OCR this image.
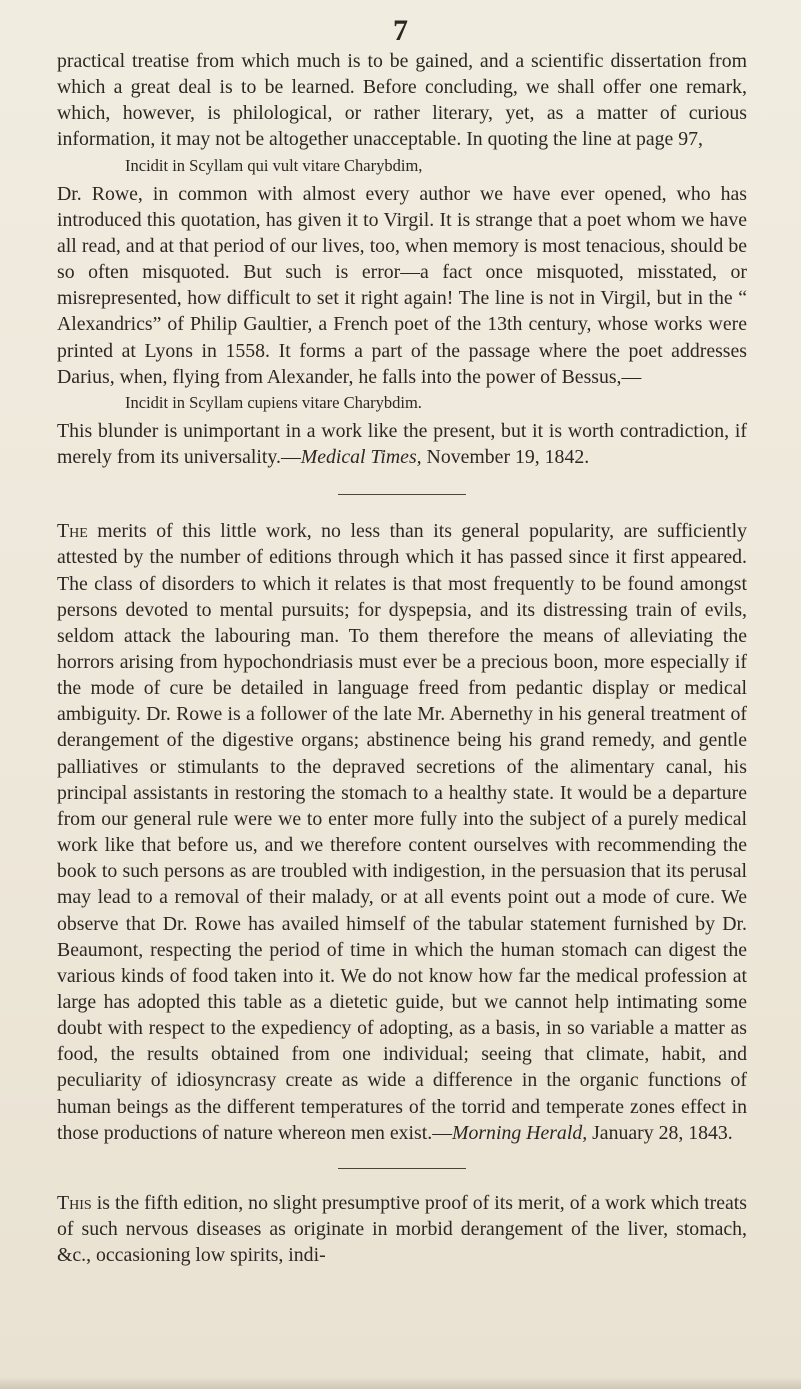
7

practical treatise from which much is to be gained, and a scientific dissertation from which a great deal is to be learned. Before concluding, we shall offer one remark, which, however, is philological, or rather literary, yet, as a matter of curious information, it may not be altogether unacceptable. In quoting the line at page 97,

Incidit in Scyllam qui vult vitare Charybdim,

Dr. Rowe, in common with almost every author we have ever opened, who has introduced this quotation, has given it to Virgil. It is strange that a poet whom we have all read, and at that period of our lives, too, when memory is most tenacious, should be so often misquoted. But such is error—a fact once misquoted, misstated, or misrepresented, how difficult to set it right again! The line is not in Virgil, but in the “ Alexandrics” of Philip Gaultier, a French poet of the 13th century, whose works were printed at Lyons in 1558. It forms a part of the passage where the poet addresses Darius, when, flying from Alexander, he falls into the power of Bessus,—

Incidit in Scyllam cupiens vitare Charybdim.

This blunder is unimportant in a work like the present, but it is worth contradiction, if merely from its universality.—Medical Times, November 19, 1842.

The merits of this little work, no less than its general popularity, are sufficiently attested by the number of editions through which it has passed since it first appeared. The class of disorders to which it relates is that most frequently to be found amongst persons devoted to mental pursuits; for dyspepsia, and its distressing train of evils, seldom attack the labouring man. To them therefore the means of alleviating the horrors arising from hypochondriasis must ever be a precious boon, more especially if the mode of cure be detailed in language freed from pedantic display or medical ambiguity. Dr. Rowe is a follower of the late Mr. Abernethy in his general treatment of derangement of the digestive organs; abstinence being his grand remedy, and gentle palliatives or stimulants to the depraved secretions of the alimentary canal, his principal assistants in restoring the stomach to a healthy state. It would be a departure from our general rule were we to enter more fully into the subject of a purely medical work like that before us, and we therefore content ourselves with recommending the book to such persons as are troubled with indigestion, in the persuasion that its perusal may lead to a removal of their malady, or at all events point out a mode of cure. We observe that Dr. Rowe has availed himself of the tabular statement furnished by Dr. Beaumont, respecting the period of time in which the human stomach can digest the various kinds of food taken into it. We do not know how far the medical profession at large has adopted this table as a dietetic guide, but we cannot help intimating some doubt with respect to the expediency of adopting, as a basis, in so variable a matter as food, the results obtained from one individual; seeing that climate, habit, and peculiarity of idiosyncrasy create as wide a difference in the organic functions of human beings as the different temperatures of the torrid and temperate zones effect in those productions of nature whereon men exist.—Morning Herald, January 28, 1843.

This is the fifth edition, no slight presumptive proof of its merit, of a work which treats of such nervous diseases as originate in morbid derangement of the liver, stomach, &c., occasioning low spirits, indi-
